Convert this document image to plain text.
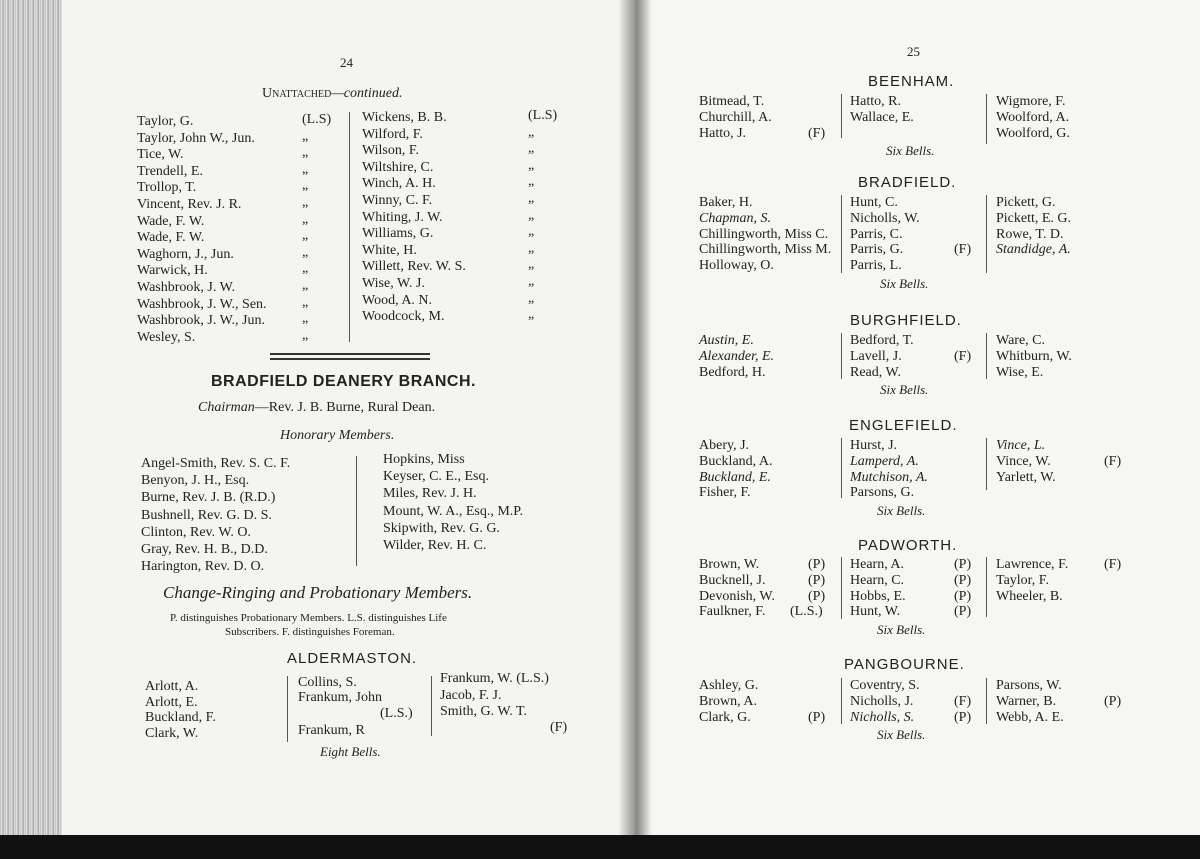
24
Unattached—continued.
Taylor, G.
Taylor, John W., Jun.
Tice, W.
Trendell, E.
Trollop, T.
Vincent, Rev. J. R.
Wade, F. W.
Wade, F. W.
Waghorn, J., Jun.
Warwick, H.
Washbrook, J. W.
Washbrook, J. W., Sen.
Washbrook, J. W., Jun.
Wesley, S.
(L.S)
„
„
„
„
„
„
„
„
„
„
„
„
„
Wickens, B. B.
Wilford, F.
Wilson, F.
Wiltshire, C.
Winch, A. H.
Winny, C. F.
Whiting, J. W.
Williams, G.
White, H.
Willett, Rev. W. S.
Wise, W. J.
Wood, A. N.
Woodcock, M.
(L.S)
„
„
„
„
„
„
„
„
„
„
„
„
BRADFIELD DEANERY BRANCH.
Chairman—Rev. J. B. Burne, Rural Dean.
Honorary Members.
Angel-Smith, Rev. S. C. F.
Benyon, J. H., Esq.
Burne, Rev. J. B. (R.D.)
Bushnell, Rev. G. D. S.
Clinton, Rev. W. O.
Gray, Rev. H. B., D.D.
Harington, Rev. D. O.
Hopkins, Miss
Keyser, C. E., Esq.
Miles, Rev. J. H.
Mount, W. A., Esq., M.P.
Skipwith, Rev. G. G.
Wilder, Rev. H. C.
Change-Ringing and Probationary Members.
P. distinguishes Probationary Members. L.S. distinguishes Life
Subscribers. F. distinguishes Foreman.
ALDERMASTON.
Arlott, A.
Arlott, E.
Buckland, F.
Clark, W.
Collins, S.
Frankum, John
(L.S.)
Frankum, R
Frankum, W. (L.S.)
Jacob, F. J.
Smith, G. W. T.
(F)
Eight Bells.
25
BEENHAM.
Bitmead, T.
Churchill, A.
Hatto, J.	(F)
Hatto, R.
Wallace, E.
Wigmore, F.
Woolford, A.
Woolford, G.
Six Bells.
BRADFIELD.
Baker, H.
Chapman, S.
Chillingworth, Miss C.
Chillingworth, Miss M.
Holloway, O.
Hunt, C.
Nicholls, W.
Parris, C.
Parris, G.
Parris, L.
(F)
Pickett, G.
Pickett, E. G.
Rowe, T. D.
Standidge, A.
Six Bells.
BURGHFIELD.
Austin, E.
Alexander, E.
Bedford, H.
Bedford, T.
Lavell, J.
Read, W.
(F)
Ware, C.
Whitburn, W.
Wise, E.
Six Bells.
ENGLEFIELD.
Abery, J.
Buckland, A.
Buckland, E.
Fisher, F.
Hurst, J.
Lamperd, A.
Mutchison, A.
Parsons, G.
Vince, L.
Vince, W.
Yarlett, W.
(F)
Six Bells.
PADWORTH.
Brown, W.
Bucknell, J.
Devonish, W.
Faulkner, F.
(P)
(P)
(P)
(L.S.)
Hearn, A.
Hearn, C.
Hobbs, E.
Hunt, W.
(P)
(P)
(P)
(P)
Lawrence, F.
Taylor, F.
Wheeler, B.
(F)
Six Bells.
PANGBOURNE.
Ashley, G.
Brown, A.
Clark, G.	(P)
Coventry, S.
Nicholls, J.
Nicholls, S.
(F)
(P)
Parsons, W.
Warner, B.
Webb, A. E.
(P)
Six Bells.
